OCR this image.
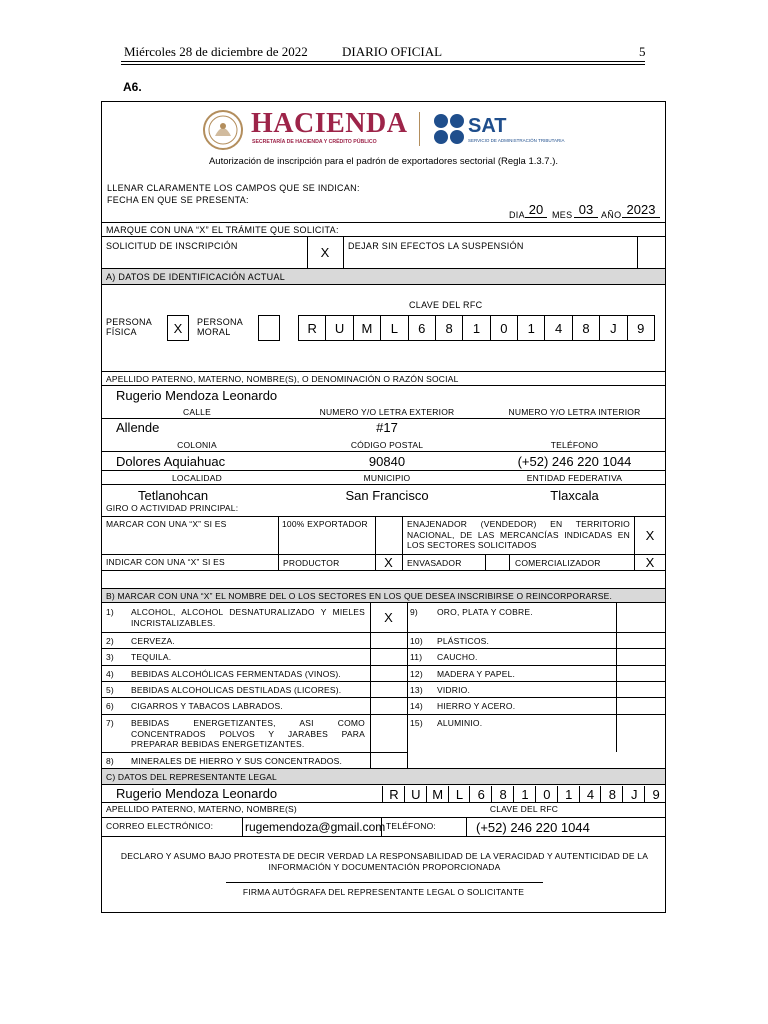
Miércoles 28 de diciembre de 2022	DIARIO OFICIAL	5
A6.
HACIENDA
SECRETARÍA DE HACIENDA Y CRÉDITO PÚBLICO
SAT
SERVICIO DE ADMINISTRACIÓN TRIBUTARIA
Autorización de inscripción para el padrón de exportadores sectorial (Regla 1.3.7.).
LLENAR CLARAMENTE LOS CAMPOS QUE SE INDICAN:
FECHA EN QUE SE PRESENTA:
DIA 20 MES 03 AÑO 2023
MARQUE CON UNA “X” EL TRÁMITE QUE SOLICITA:
SOLICITUD DE INSCRIPCIÓN	X	DEJAR SIN EFECTOS LA SUSPENSIÓN
A) DATOS DE IDENTIFICACIÓN ACTUAL
CLAVE DEL RFC
PERSONA FÍSICA	X	PERSONA MORAL	R	U	M	L	6	8	1	0	1	4	8	J	9
APELLIDO PATERNO, MATERNO, NOMBRE(S), O DENOMINACIÓN O RAZÓN SOCIAL
Rugerio Mendoza Leonardo
CALLE	NUMERO Y/O LETRA EXTERIOR	NUMERO Y/O LETRA INTERIOR
Allende	#17
COLONIA	CÓDIGO POSTAL	TELÉFONO
Dolores Aquiahuac	90840	(+52) 246 220 1044
LOCALIDAD	MUNICIPIO	ENTIDAD FEDERATIVA
Tetlanohcan	San Francisco	Tlaxcala
GIRO O ACTIVIDAD PRINCIPAL:
MARCAR CON UNA “X” SI ES	100% EXPORTADOR	ENAJENADOR (VENDEDOR) EN TERRITORIO NACIONAL, DE LAS MERCANCÍAS INDICADAS EN LOS SECTORES SOLICITADOS
X
INDICAR CON UNA “X” SI ES	PRODUCTOR	X	ENVASADOR	COMERCIALIZADOR	X
B) MARCAR CON UNA “X” EL NOMBRE DEL O LOS SECTORES EN LOS QUE DESEA INSCRIBIRSE O REINCORPORARSE.
1) ALCOHOL, ALCOHOL DESNATURALIZADO Y MIELES INCRISTALIZABLES.	X
2) CERVEZA.
3) TEQUILA.
4) BEBIDAS ALCOHÓLICAS FERMENTADAS (VINOS).
5) BEBIDAS ALCOHOLICAS DESTILADAS (LICORES).
6) CIGARROS Y TABACOS LABRADOS.
7) BEBIDAS ENERGETIZANTES, ASI COMO CONCENTRADOS POLVOS Y JARABES PARA PREPARAR BEBIDAS ENERGETIZANTES.
8) MINERALES DE HIERRO Y SUS CONCENTRADOS.
9) ORO, PLATA Y COBRE.
10) PLÁSTICOS.
11) CAUCHO.
12) MADERA Y PAPEL.
13) VIDRIO.
14) HIERRO Y ACERO.
15) ALUMINIO.
C) DATOS DEL REPRESENTANTE LEGAL
Rugerio Mendoza Leonardo	R U M L	6	8	1	0	1	4	8	J	9
APELLIDO PATERNO, MATERNO, NOMBRE(S)	CLAVE DEL RFC
CORREO ELECTRÓNICO:	rugemendoza@gmail.com TELÉFONO:	(+52) 246 220 1044
DECLARO Y ASUMO BAJO PROTESTA DE DECIR VERDAD LA RESPONSABILIDAD DE LA VERACIDAD Y AUTENTICIDAD DE LA INFORMACIÓN Y DOCUMENTACIÓN PROPORCIONADA
FIRMA AUTÓGRAFA DEL REPRESENTANTE LEGAL O SOLICITANTE
